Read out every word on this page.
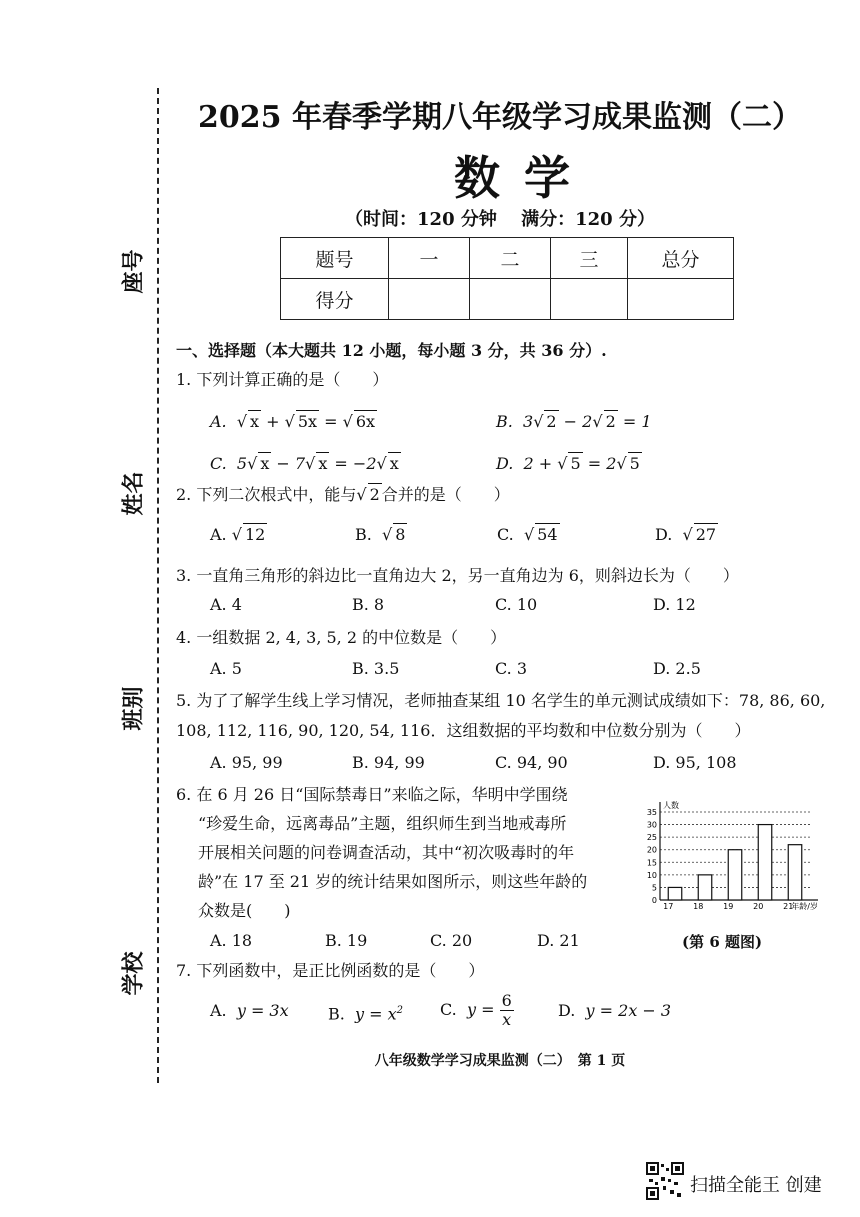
座号
姓名
班别
学校
2025 年春季学期八年级学习成果监测（二）
数学
（时间：120 分钟　 满分：120 分）
题号	一	二	三	总分
得分				
一、选择题（本大题共 12 小题，每小题 3 分，共 36 分）.
1. 下列计算正确的是（　　）
A.  √ x + √ 5x = √ 6x	B.  3√ 2 − 2√ 2 = 1
C.  5√ x − 7√ x = −2√ x	D.  2 + √ 5 = 2√ 5
2. 下列二次根式中，能与√ 2 合并的是（　　）
A. √ 12	B.  √ 8	C.  √ 54	D.  √ 27
3. 一直角三角形的斜边比一直角边大 2，另一直角边为 6，则斜边长为（　　）
A. 4	B. 8	C. 10	D. 12
4. 一组数据 2, 4, 3, 5, 2 的中位数是（　　）
A. 5	B. 3.5	C. 3	D. 2.5
5. 为了了解学生线上学习情况，老师抽查某组 10 名学生的单元测试成绩如下：78, 86, 60,
108, 112, 116, 90, 120, 54, 116．这组数据的平均数和中位数分别为（　　）
A. 95, 99	B. 94, 99	C. 94, 90	D. 95, 108
6. 在 6 月 26 日“国际禁毒日”来临之际，华明中学围绕
“珍爱生命，远离毒品”主题，组织师生到当地戒毒所
开展相关问题的问卷调查活动，其中“初次吸毒时的年
龄”在 17 至 21 岁的统计结果如图所示，则这些年龄的
众数是(　　)
A. 18	B. 19	C. 20	D. 21
0
5
10
15
20
25
30
35
人数
17 18 19 20 21
年龄/岁
(第 6 题图)
7. 下列函数中，是正比例函数的是（　　）
A.  y = 3x B.  $y = x^2$ C.  $y = \frac{6}{x}$	D.  y = 2x − 3
八年级数学学习成果监测（二）　第 1 页
扫描全能王 创建
